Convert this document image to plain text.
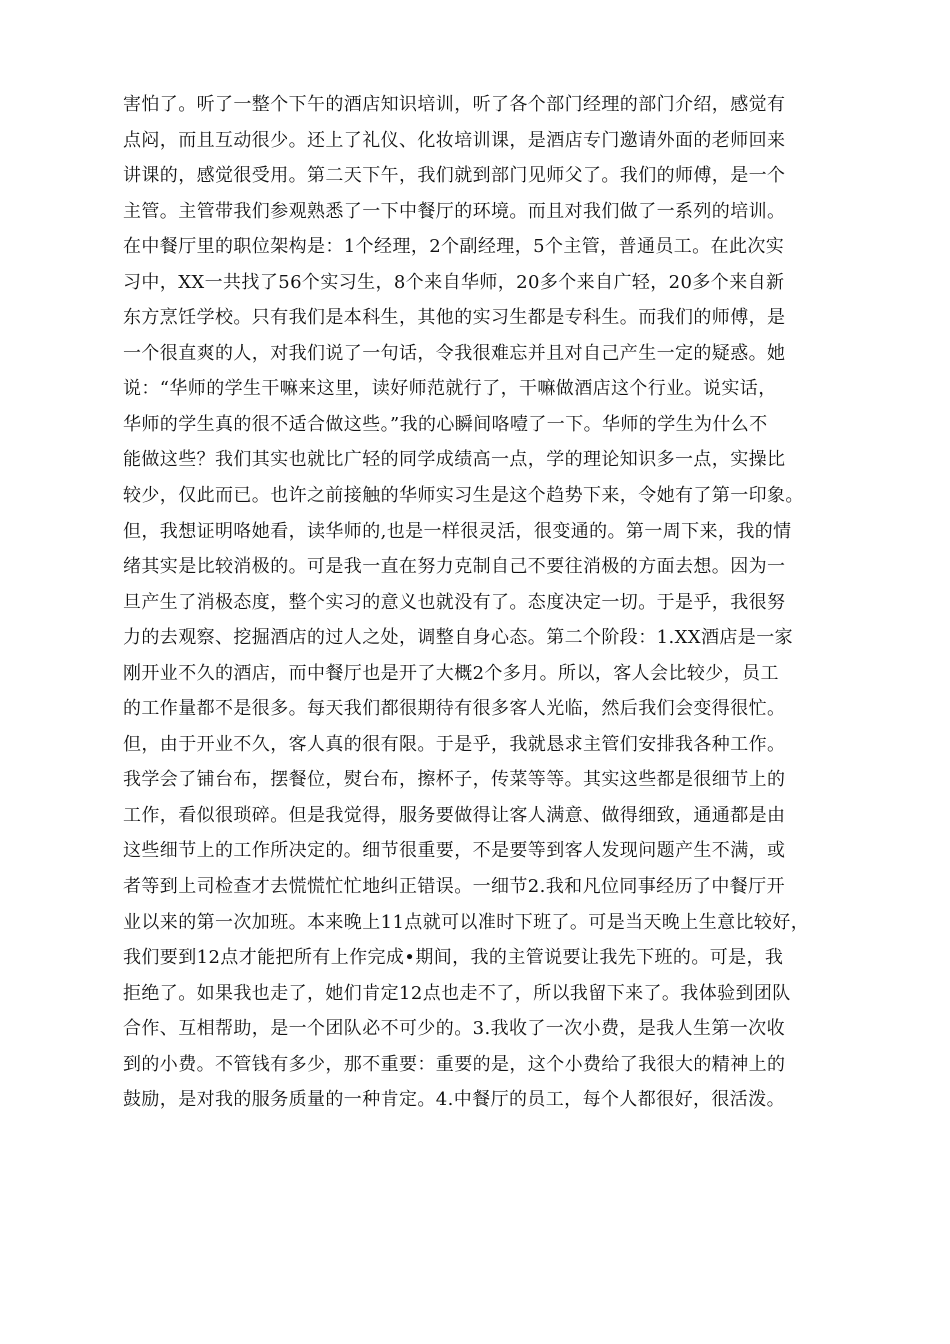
害怕了。听了一整个下午的酒店知识培训，听了各个部门经理的部门介绍，感觉有
点闷，而且互动很少。还上了礼仪、化妆培训课，是酒店专门邀请外面的老师回来
讲课的，感觉很受用。第二天下午，我们就到部门见师父了。我们的师傅，是一个
主管。主管带我们参观熟悉了一下中餐厅的环境。而且对我们做了一系列的培训。
在中餐厅里的职位架构是：1个经理，2个副经理，5个主管，普通员工。在此次实
习中，XX一共找了56个实习生，8个来自华师，20多个来自广轻，20多个来自新
东方烹饪学校。只有我们是本科生，其他的实习生都是专科生。而我们的师傅，是
一个很直爽的人，对我们说了一句话，令我很难忘并且对自己产生一定的疑惑。她
说：“华师的学生干嘛来这里，读好师范就行了，干嘛做酒店这个行业。说实话，
华师的学生真的很不适合做这些。”我的心瞬间咯噎了一下。华师的学生为什么不
能做这些？我们其实也就比广轻的同学成绩高一点，学的理论知识多一点，实操比
较少，仅此而已。也许之前接触的华师实习生是这个趋势下来，令她有了第一印象。
但，我想证明咯她看，读华师的,也是一样很灵活，很变通的。第一周下来，我的情
绪其实是比较消极的。可是我一直在努力克制自己不要往消极的方面去想。因为一
旦产生了消极态度，整个实习的意义也就没有了。态度决定一切。于是乎，我很努
力的去观察、挖掘酒店的过人之处，调整自身心态。第二个阶段：1.XX酒店是一家
刚开业不久的酒店，而中餐厅也是开了大概2个多月。所以，客人会比较少，员工
的工作量都不是很多。每天我们都很期待有很多客人光临，然后我们会变得很忙。
但，由于开业不久，客人真的很有限。于是乎，我就恳求主管们安排我各种工作。
我学会了铺台布，摆餐位，熨台布，擦杯子，传菜等等。其实这些都是很细节上的
工作，看似很琐碎。但是我觉得，服务要做得让客人满意、做得细致，通通都是由
这些细节上的工作所决定的。细节很重要，不是要等到客人发现问题产生不满，或
者等到上司检查才去慌慌忙忙地纠正错误。一细节2.我和凡位同事经历了中餐厅开
业以来的第一次加班。本来晚上11点就可以准时下班了。可是当天晚上生意比较好，
我们要到12点才能把所有上作完成•期间，我的主管说要让我先下班的。可是，我
拒绝了。如果我也走了，她们肯定12点也走不了，所以我留下来了。我体验到团队
合作、互相帮助，是一个团队必不可少的。3.我收了一次小费，是我人生第一次收
到的小费。不管钱有多少，那不重要：重要的是，这个小费给了我很大的精神上的
鼓励，是对我的服务质量的一种肯定。4.中餐厅的员工，每个人都很好，很活泼。
